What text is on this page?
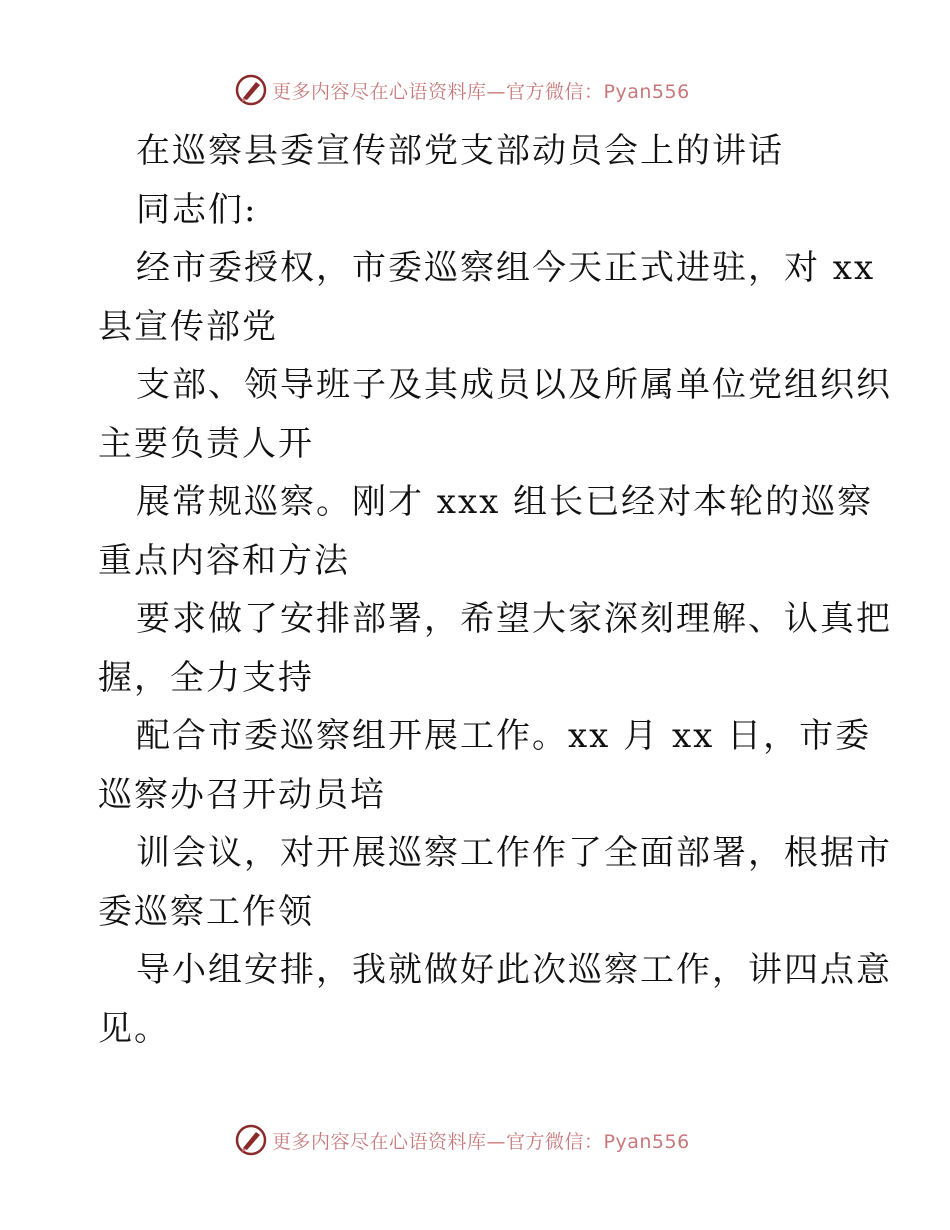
更多内容尽在心语资料库—官方微信：Pyan556
在巡察县委宣传部党支部动员会上的讲话
同志们:
经市委授权，市委巡察组今天正式进驻，对 xx
县宣传部党
支部、领导班子及其成员以及所属单位党组织织
主要负责人开
展常规巡察。刚才 xxx 组长已经对本轮的巡察
重点内容和方法
要求做了安排部署，希望大家深刻理解、认真把
握，全力支持
配合市委巡察组开展工作。xx 月 xx 日，市委
巡察办召开动员培
训会议，对开展巡察工作作了全面部署，根据市
委巡察工作领
导小组安排，我就做好此次巡察工作，讲四点意
见。
更多内容尽在心语资料库—官方微信：Pyan556
